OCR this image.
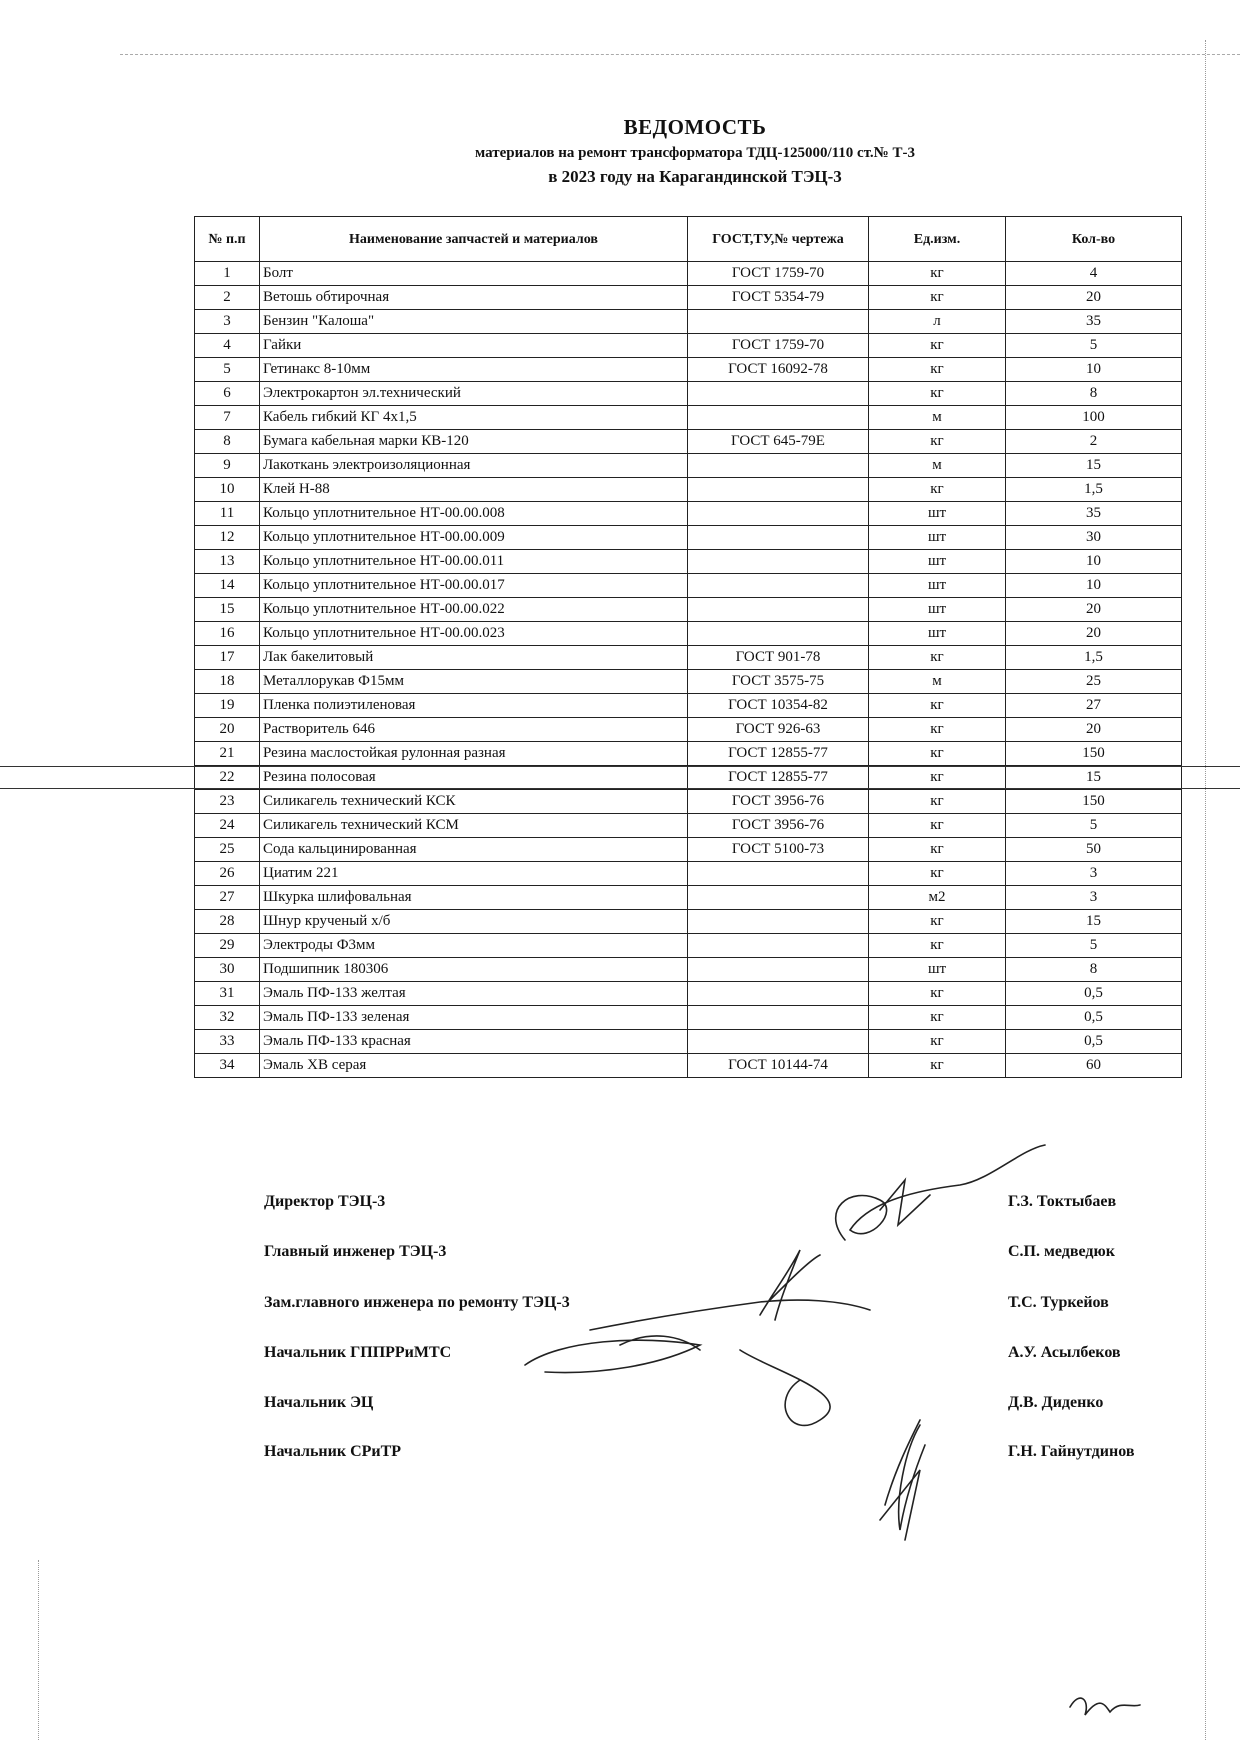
ВЕДОМОСТЬ
материалов на ремонт трансформатора ТДЦ-125000/110 ст.№ Т-3
в 2023 году на Карагандинской ТЭЦ-3
№ п.п	Наименование запчастей и материалов	ГОСТ,ТУ,№ чертежа	Ед.изм.	Кол-во
1	Болт	ГОСТ 1759-70	кг	4
2	Ветошь обтирочная	ГОСТ 5354-79	кг	20
3	Бензин "Калоша"		л	35
4	Гайки	ГОСТ 1759-70	кг	5
5	Гетинакс 8-10мм	ГОСТ 16092-78	кг	10
6	Электрокартон эл.технический		кг	8
7	Кабель гибкий КГ 4х1,5		м	100
8	Бумага кабельная марки КВ-120	ГОСТ 645-79Е	кг	2
9	Лакоткань электроизоляционная		м	15
10	Клей Н-88		кг	1,5
11	Кольцо уплотнительное НТ-00.00.008		шт	35
12	Кольцо уплотнительное НТ-00.00.009		шт	30
13	Кольцо уплотнительное НТ-00.00.011		шт	10
14	Кольцо уплотнительное НТ-00.00.017		шт	10
15	Кольцо уплотнительное НТ-00.00.022		шт	20
16	Кольцо уплотнительное НТ-00.00.023		шт	20
17	Лак бакелитовый	ГОСТ 901-78	кг	1,5
18	Металлорукав Ф15мм	ГОСТ 3575-75	м	25
19	Пленка полиэтиленовая	ГОСТ 10354-82	кг	27
20	Растворитель 646	ГОСТ 926-63	кг	20
21	Резина маслостойкая рулонная разная	ГОСТ 12855-77	кг	150
22	Резина полосовая	ГОСТ 12855-77	кг	15
23	Силикагель технический КСК	ГОСТ 3956-76	кг	150
24	Силикагель технический КСМ	ГОСТ 3956-76	кг	5
25	Сода кальцинированная	ГОСТ 5100-73	кг	50
26	Циатим 221		кг	3
27	Шкурка шлифовальная		м2	3
28	Шнур крученый х/б		кг	15
29	Электроды Ф3мм		кг	5
30	Подшипник 180306		шт	8
31	Эмаль ПФ-133 желтая		кг	0,5
32	Эмаль ПФ-133 зеленая		кг	0,5
33	Эмаль ПФ-133 красная		кг	0,5
34	Эмаль ХВ серая	ГОСТ 10144-74	кг	60
Директор ТЭЦ-3	Г.З. Токтыбаев
Главный инженер ТЭЦ-3	С.П. медведюк
Зам.главного инженера по ремонту ТЭЦ-3	Т.С. Туркейов
Начальник ГППРРиМТС	А.У. Асылбеков
Начальник ЭЦ	Д.В. Диденко
Начальник СРиТР	Г.Н. Гайнутдинов
